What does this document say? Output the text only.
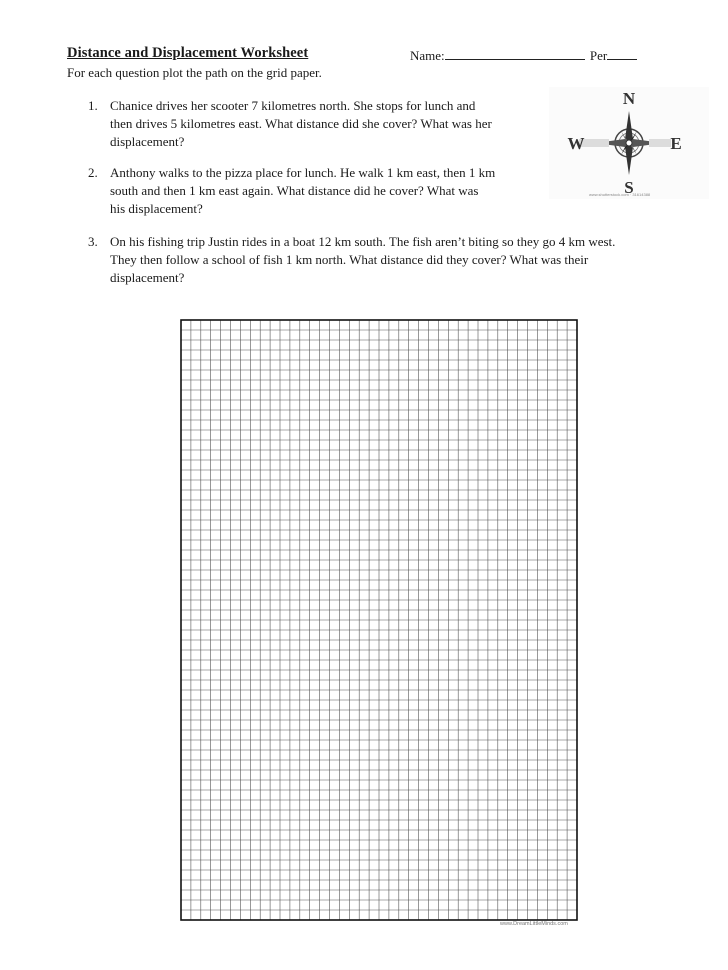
Distance and Displacement Worksheet	Name:	Per
For each question plot the path on the grid paper.
1. Chanice drives her scooter 7 kilometres north. She stops for lunch and
then drives 5 kilometres east. What distance did she cover? What was her
displacement?
2. Anthony walks to the pizza place for lunch. He walk 1 km east, then 1 km
south and then 1 km east again. What distance did he cover? What was
his displacement?
3. On his fishing trip Justin rides in a boat 12 km south. The fish aren’t biting so they go 4 km west.
They then follow a school of fish 1 km north. What distance did they cover? What was their
displacement?
N
S
W	E
www.shutterstock.com · 31614388
www.DreamLittleMinds.com
